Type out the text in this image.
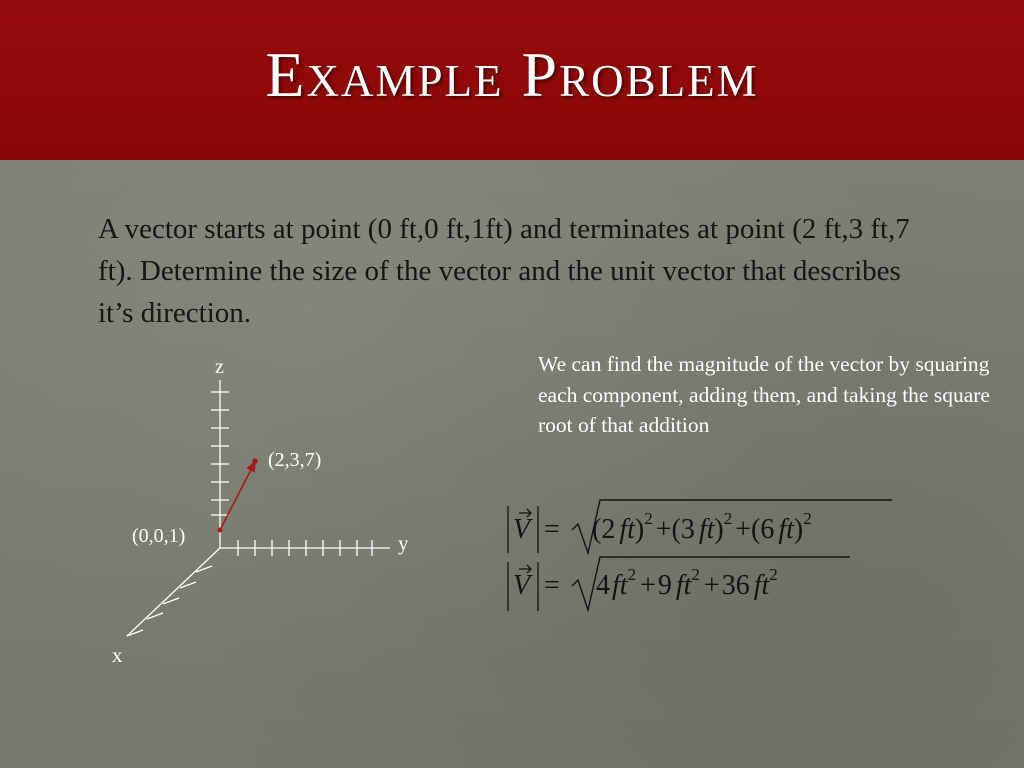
Example Problem
A vector starts at point (0 ft,0 ft,1ft) and terminates at point (2 ft,3 ft,7 ft). Determine the size of the vector and the unit vector that describes it’s direction.
We can find the magnitude of the vector by squaring each component, adding them, and taking the square root of that addition
z
y
x
(0,0,1)
(2,3,7)
V = (2 ft)$^2$ +(3 ft)$^2$ +(6 ft)$^2$
$V = 4ft^2 +9$ $ft^2 +36$ $ft^2$
